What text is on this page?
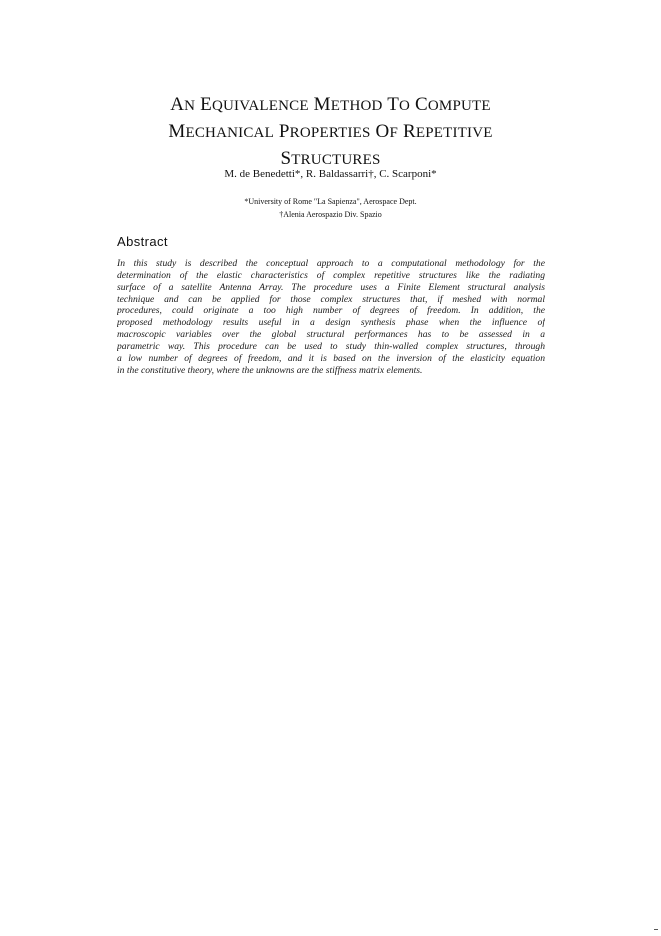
AN EQUIVALENCE METHOD TO COMPUTE
MECHANICAL PROPERTIES OF REPETITIVE
STRUCTURES
M. de Benedetti*, R. Baldassarri†, C. Scarponi*
*University of Rome "La Sapienza", Aerospace Dept.
†Alenia Aerospazio Div. Spazio
Abstract
In this study is described the conceptual approach to a computational methodology for the
determination of the elastic characteristics of complex repetitive structures like the radiating
surface of a satellite Antenna Array. The procedure uses a Finite Element structural analysis
technique and can be applied for those complex structures that, if meshed with normal
procedures, could originate a too high number of degrees of freedom. In addition, the
proposed methodology results useful in a design synthesis phase when the influence of
macroscopic variables over the global structural performances has to be assessed in a
parametric way. This procedure can be used to study thin-walled complex structures, through
a low number of degrees of freedom, and it is based on the inversion of the elasticity equation
in the constitutive theory, where the unknowns are the stiffness matrix elements.
